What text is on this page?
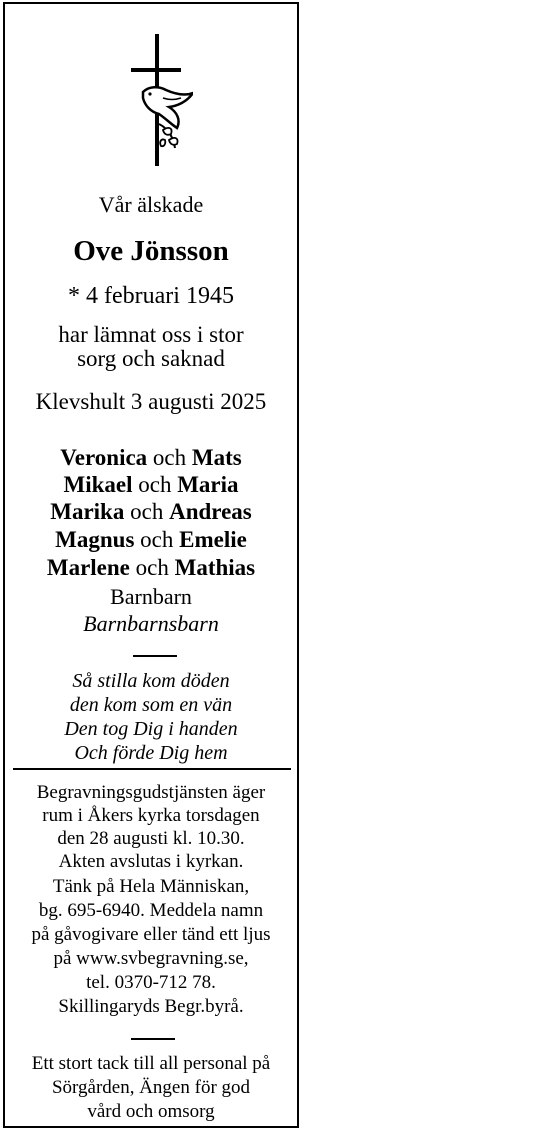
Vår älskade
Ove Jönsson
* 4 februari 1945
har lämnat oss i stor
sorg och saknad
Klevshult 3 augusti 2025
Veronica och Mats
Mikael och Maria
Marika och Andreas
Magnus och Emelie
Marlene och Mathias
Barnbarn
Barnbarnsbarn
Så stilla kom döden
den kom som en vän
Den tog Dig i handen
Och förde Dig hem
Begravningsgudstjänsten äger
rum i Åkers kyrka torsdagen
den 28 augusti kl. 10.30.
Akten avslutas i kyrkan.
Tänk på Hela Människan,
bg. 695-6940. Meddela namn
på gåvogivare eller tänd ett ljus
på www.svbegravning.se,
tel. 0370-712 78.
Skillingaryds Begr.byrå.
Ett stort tack till all personal på
Sörgården, Ängen för god
vård och omsorg
